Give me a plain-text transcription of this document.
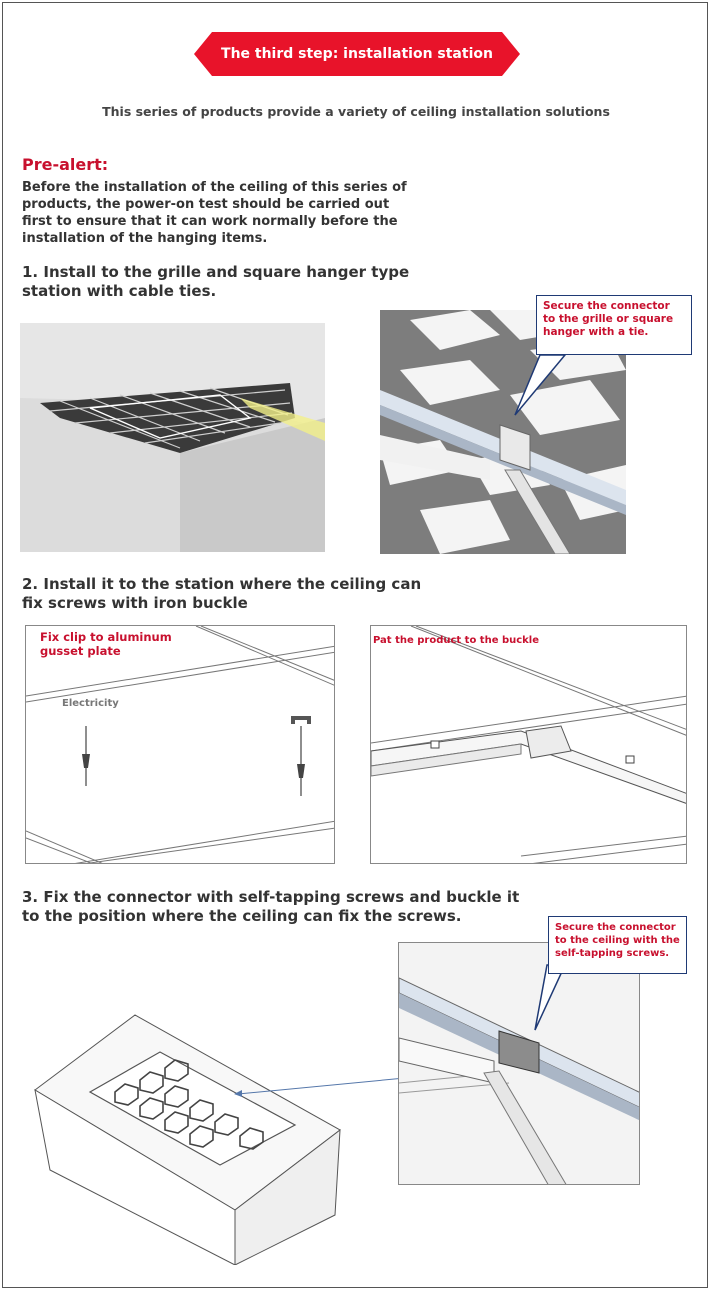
The third step: installation station
This series of products provide a variety of ceiling installation solutions
Pre-alert:
Before the installation of the ceiling of this series of products, the power-on test should be carried out first to ensure that it can work normally before the installation of the hanging items.
1. Install to the grille and square hanger type
station with cable ties.
Secure the connector to the grille or square hanger with a tie.
2. Install it to the station where the ceiling can
fix screws with iron buckle
Fix clip to aluminum gusset plate
Electricity
Pat the product to the buckle
3. Fix the connector with self-tapping screws and buckle it
to the position where the ceiling can fix the screws.
Secure the connector to the ceiling with the self-tapping screws.
